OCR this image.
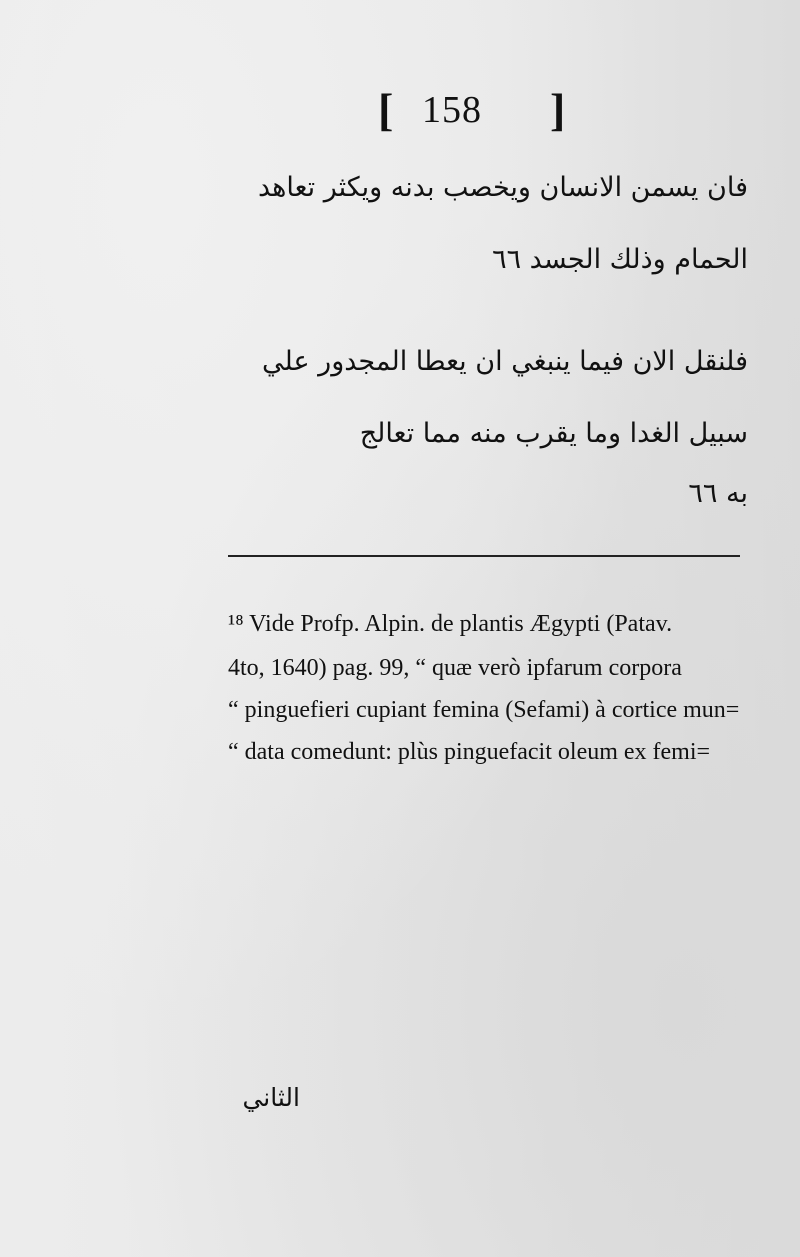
[ 158 ]
فان يسمن الانسان ويخصب بدنه ويكثر تعاهد
الحمام وذلك الجسد ٦٦
فلنقل الان فيما ينبغي ان يعطا المجدور علي
سبيل الغدا وما يقرب منه مما تعالج
به ٦٦
¹⁸ Vide Profp. Alpin. de plantis Ægypti (Patav.
4to, 1640) pag. 99, “ quæ verò ipfarum corpora
“ pinguefieri cupiant femina (Sefami) à cortice mun=
“ data comedunt: plùs pinguefacit oleum ex femi=
الثاني
